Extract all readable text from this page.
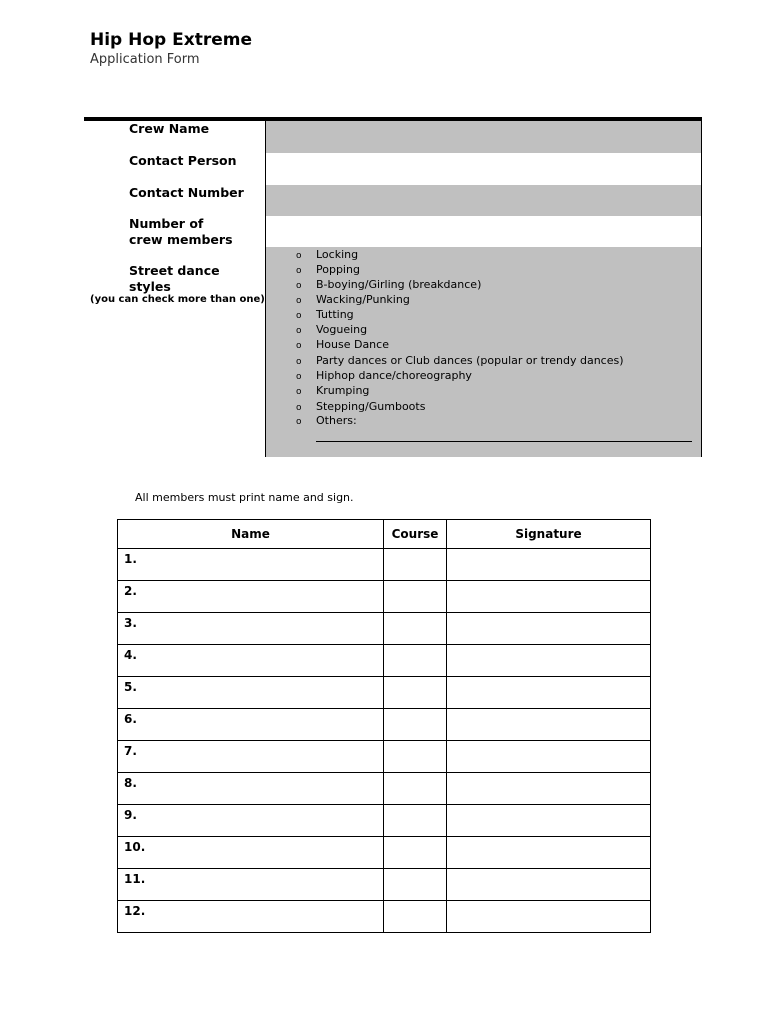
Hip Hop Extreme
Application Form
Crew Name
Contact Person
Contact Number
Number of
crew members
Street dance
styles
(you can check more than one)
o Locking
o Popping
o B-boying/Girling (breakdance)
o Wacking/Punking
o Tutting
o Vogueing
o House Dance
o Party dances or Club dances (popular or trendy dances)
o Hiphop dance/choreography
o Krumping
o Stepping/Gumboots
o Others:
All members must print name and sign.
Name	Course	Signature
1.		
2.		
3.		
4.		
5.		
6.		
7.		
8.		
9.		
10.		
11.		
12.		
